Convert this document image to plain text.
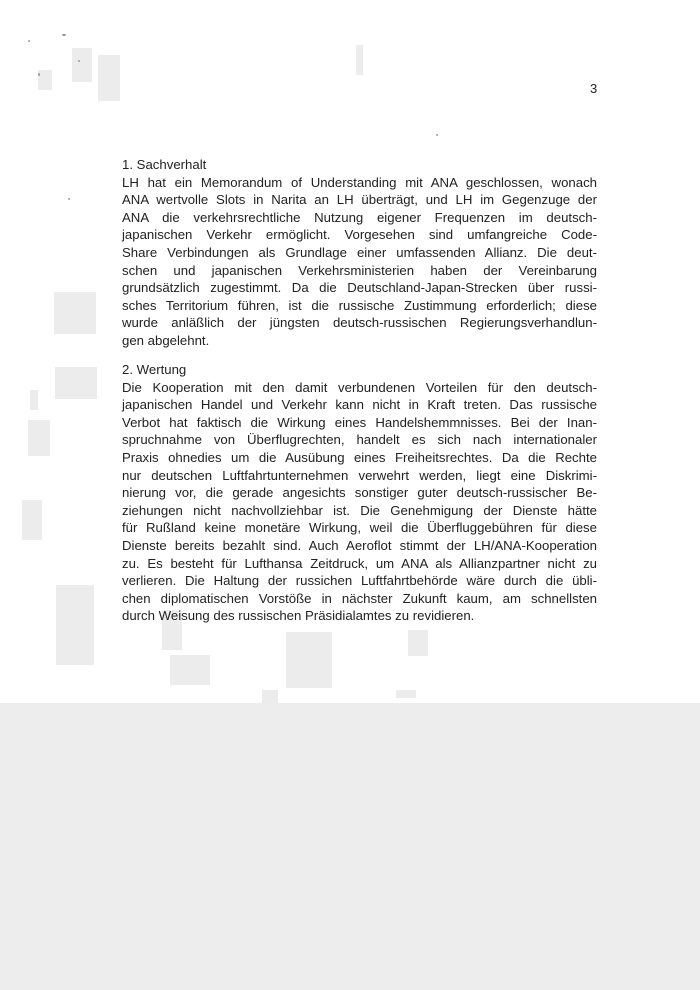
3
1. Sachverhalt
LH hat ein Memorandum of Understanding mit ANA geschlossen, wonach
ANA wertvolle Slots in Narita an LH überträgt, und LH im Gegenzuge der
ANA die verkehrsrechtliche Nutzung eigener Frequenzen im deutsch-
japanischen Verkehr ermöglicht. Vorgesehen sind umfangreiche Code-
Share Verbindungen als Grundlage einer umfassenden Allianz. Die deut-
schen und japanischen Verkehrsministerien haben der Vereinbarung
grundsätzlich zugestimmt. Da die Deutschland-Japan-Strecken über russi-
sches Territorium führen, ist die russische Zustimmung erforderlich; diese
wurde anläßlich der jüngsten deutsch-russischen Regierungsverhandlun-
gen abgelehnt.
2. Wertung
Die Kooperation mit den damit verbundenen Vorteilen für den deutsch-
japanischen Handel und Verkehr kann nicht in Kraft treten. Das russische
Verbot hat faktisch die Wirkung eines Handelshemmnisses. Bei der Inan-
spruchnahme von Überflugrechten, handelt es sich nach internationaler
Praxis ohnedies um die Ausübung eines Freiheitsrechtes. Da die Rechte
nur deutschen Luftfahrtunternehmen verwehrt werden, liegt eine Diskrimi-
nierung vor, die gerade angesichts sonstiger guter deutsch-russischer Be-
ziehungen nicht nachvollziehbar ist. Die Genehmigung der Dienste hätte
für Rußland keine monetäre Wirkung, weil die Überfluggebühren für diese
Dienste bereits bezahlt sind. Auch Aeroflot stimmt der LH/ANA-Kooperation
zu. Es besteht für Lufthansa Zeitdruck, um ANA als Allianzpartner nicht zu
verlieren. Die Haltung der russichen Luftfahrtbehörde wäre durch die übli-
chen diplomatischen Vorstöße in nächster Zukunft kaum, am schnellsten
durch Weisung des russischen Präsidialamtes zu revidieren.
